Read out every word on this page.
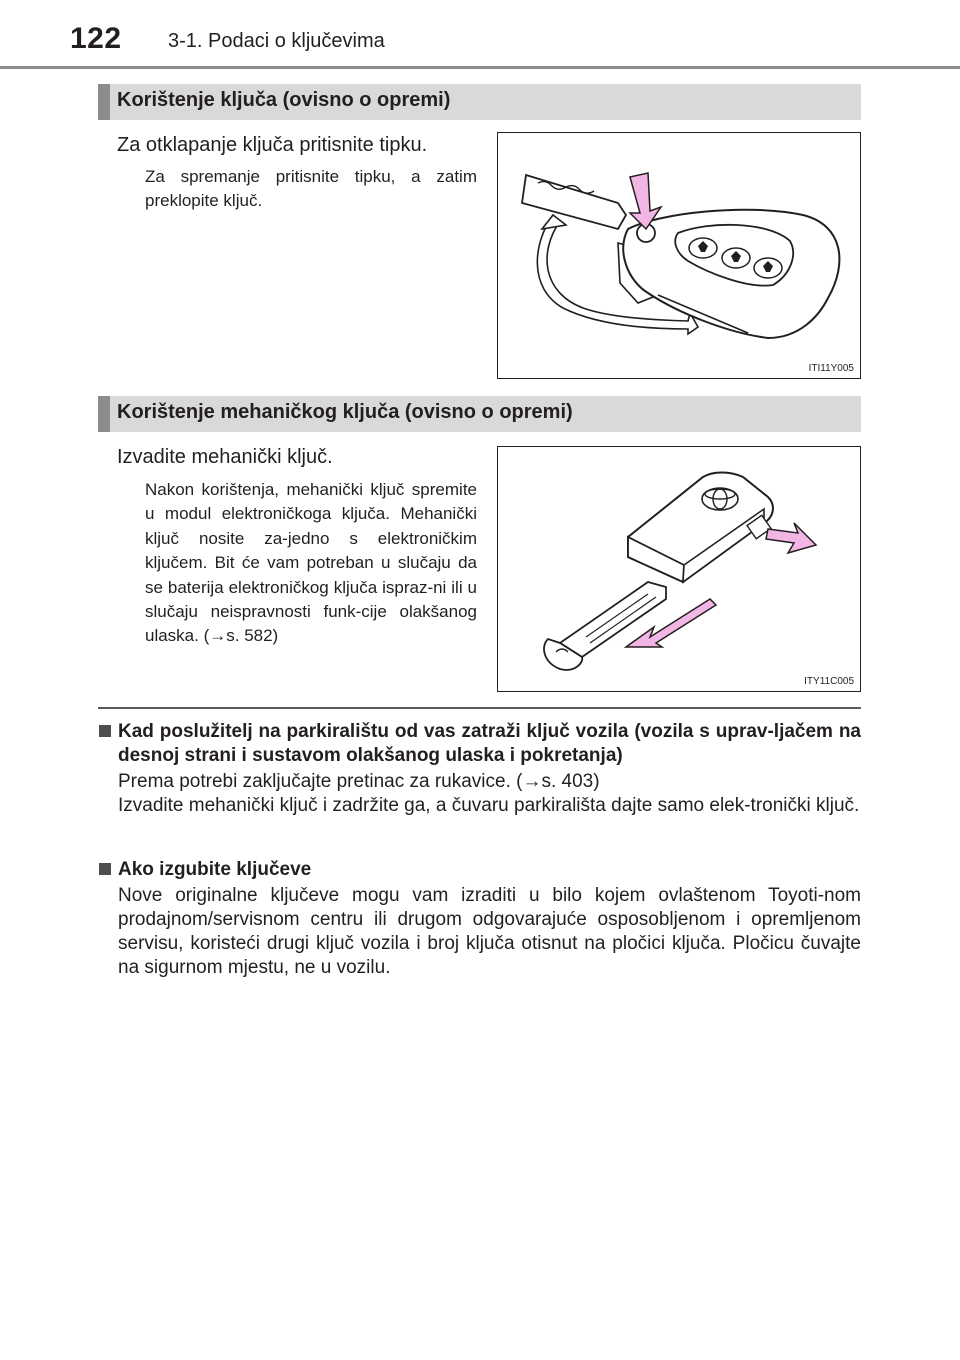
122 3-1. Podaci o ključevima
Korištenje ključa (ovisno o opremi)
Za otklapanje ključa pritisnite tipku.
Za spremanje pritisnite tipku, a zatim preklopite ključ.
ITI11Y005
Korištenje mehaničkog ključa (ovisno o opremi)
Izvadite mehanički ključ.
Nakon korištenja, mehanički ključ spremite u modul elektroničkoga ključa. Mehanički ključ nosite za-jedno s elektroničkim ključem. Bit će vam potreban u slučaju da se baterija elektroničkog ključa ispraz-ni ili u slučaju neispravnosti funk-cije olakšanog ulaska. (→s. 582)
ITY11C005
Kad poslužitelj na parkiralištu od vas zatraži ključ vozila (vozila s uprav-ljačem na desnoj strani i sustavom olakšanog ulaska i pokretanja)

Prema potrebi zaključajte pretinac za rukavice. (→s. 403)

Izvadite mehanički ključ i zadržite ga, a čuvaru parkirališta dajte samo elek-tronički ključ.

Ako izgubite ključeve

Nove originalne ključeve mogu vam izraditi u bilo kojem ovlaštenom Toyoti-nom prodajnom/servisnom centru ili drugom odgovarajuće osposobljenom i opremljenom servisu, koristeći drugi ključ vozila i broj ključa otisnut na pločici ključa. Pločicu čuvajte na sigurnom mjestu, ne u vozilu.
